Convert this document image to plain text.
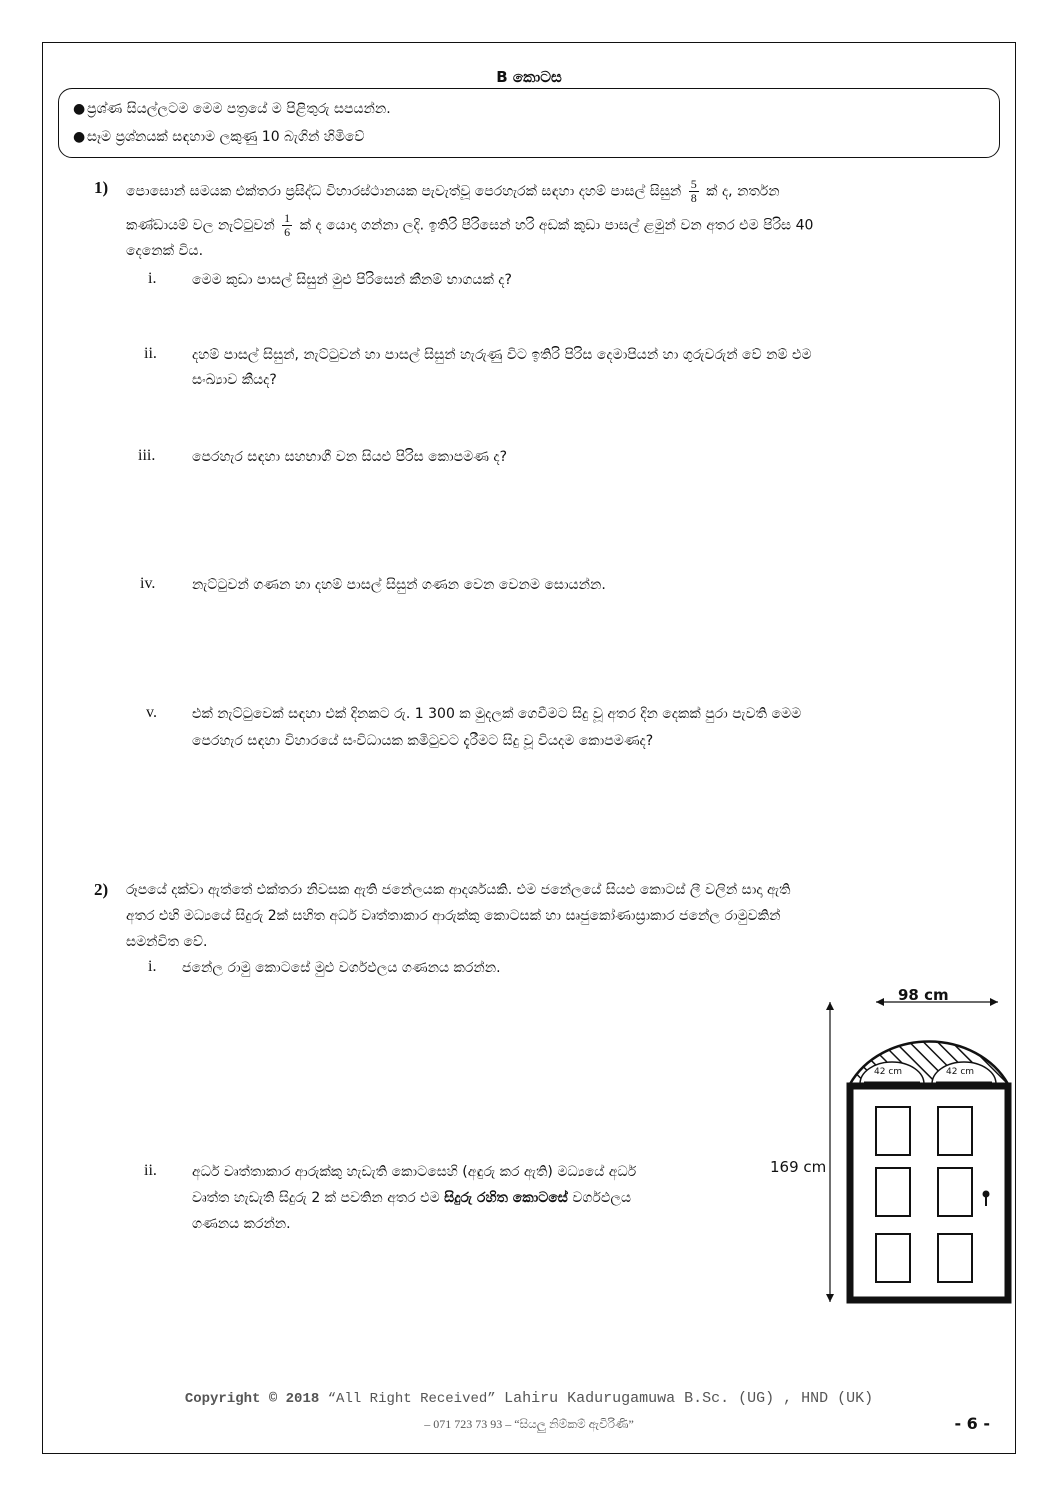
B කොටස
● ප්‍රශ්ණ සියල්ලටම මෙම පත්‍රයේ ම පිළිතුරු සපයන්න.
● සෑම ප්‍රශ්නයක් සඳහාම ලකුණු 10 බැගින් හිමිවේ
1) පොසොන් සමයක එක්තරා ප්‍රසිද්ධ විහාරස්ථානයක පැවැත්වූ පෙරහැරක් සඳහා දහම් පාසල් සිසුන් $\frac{5}{8}$ ක් ද, නර්තන
කණ්ඩායම් වල නැට්ටුවන් $\frac{1}{6}$ ක් ද යොදා ගන්නා ලදි. ඉතිරි පිරිසෙන් හරි අඩක් කුඩා පාසල් ළමුන් වන අතර එම පිරිස 40
දෙනෙක් විය.
i.	මෙම කුඩා පාසල් සිසුන් මුළු පිරිසෙන් කීනම් භාගයක් ද?
ii.	දහම් පාසල් සිසුන්, නැට්ටුවන් හා පාසල් සිසුන් හැරුණු විට ඉතිරි පිරිස දෙමාපියන් හා ගුරුවරුන් වේ නම් එම
සංඛ්‍යාව කීයද?
iii.	පෙරහැර සඳහා සහභාගී වන සියළු පිරිස කොපමණ ද?
iv.	නැට්ටුවන් ගණන හා දහම් පාසල් සිසුන් ගණන වෙන වෙනම සොයන්න.
v.	එක් නැට්ටුවෙක් සඳහා එක් දිනකට රු. 1 300 ක මුදලක් ගෙවීමට සිදු වූ අතර දින දෙකක් පුරා පැවති මෙම
පෙරහැර සඳහා විහාරයේ සංවිධායක කමිටුවට දැරීමට සිදු වූ වියදම කොපමණද?
2) රූපයේ දක්වා ඇත්තේ එක්තරා නිවසක ඇති ජනේලයක ආදර්ශයකි. එම ජනේලයේ සියළු කොටස් ලී වලින් සාදා ඇති
අතර එහි මධ්‍යයේ සිදුරු 2ක් සහිත අර්ධ වෘත්තාකාර ආරුක්කු කොටසක් හා සෘජුකෝණාස්‍රාකාර ජනේල රාමුවකින්
සමන්විත වේ.
i. ජනේල රාමු කොටසේ මුළු වර්ගඵලය ගණනය කරන්න.
ii.	අර්ධ වෘත්තාකාර ආරුක්කු හැඩැති කොටසෙහි (අඳුරු කර ඇති) මධ්‍යයේ අර්ධ
වෘත්ත හැඩැති සිදුරු 2 ක් පවතින අතර එම සිදුරු රහිත කොටසේ වර්ගඵලය
ගණනය කරන්න.
98 cm
169 cm
42 cm	42 cm
Copyright © 2018 “All Right Received” Lahiru Kadurugamuwa B.Sc. (UG) , HND (UK)
– 071 723 73 93 – “සියලු නිම්කම් ඇවිරිණි”	- 6 -
